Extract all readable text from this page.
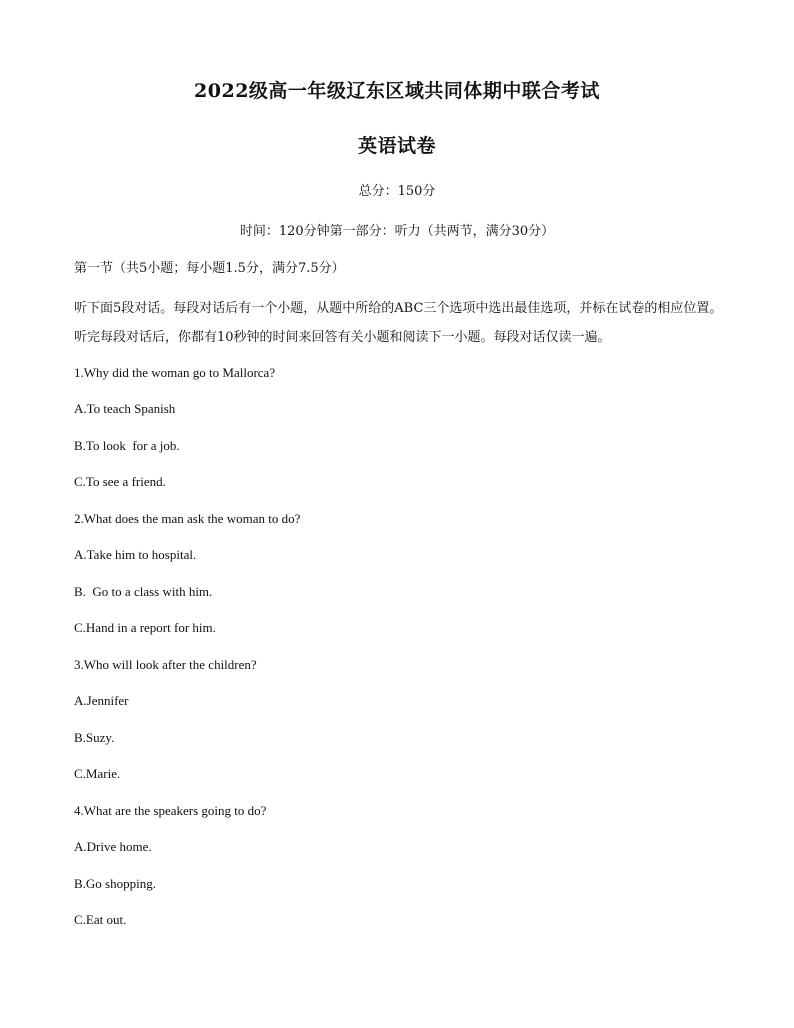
2022级高一年级辽东区域共同体期中联合考试
英语试卷
总分：150分
时间：120分钟第一部分：听力（共两节，满分30分）
第一节（共5小题；每小题1.5分，满分7.5分）
听下面5段对话。每段对话后有一个小题，从题中所给的ABC三个选项中选出最佳选项，并标在试卷的相应位置。听完每段对话后，你都有10秒钟的时间来回答有关小题和阅读下一小题。每段对话仅读一遍。
1.Why did the woman go to Mallorca?
A.To teach Spanish
B.To look  for a job.
C.To see a friend.
2.What does the man ask the woman to do?
A.Take him to hospital.
B.  Go to a class with him.
C.Hand in a report for him.
3.Who will look after the children?
A.Jennifer
B.Suzy.
C.Marie.
4.What are the speakers going to do?
A.Drive home.
B.Go shopping.
C.Eat out.
